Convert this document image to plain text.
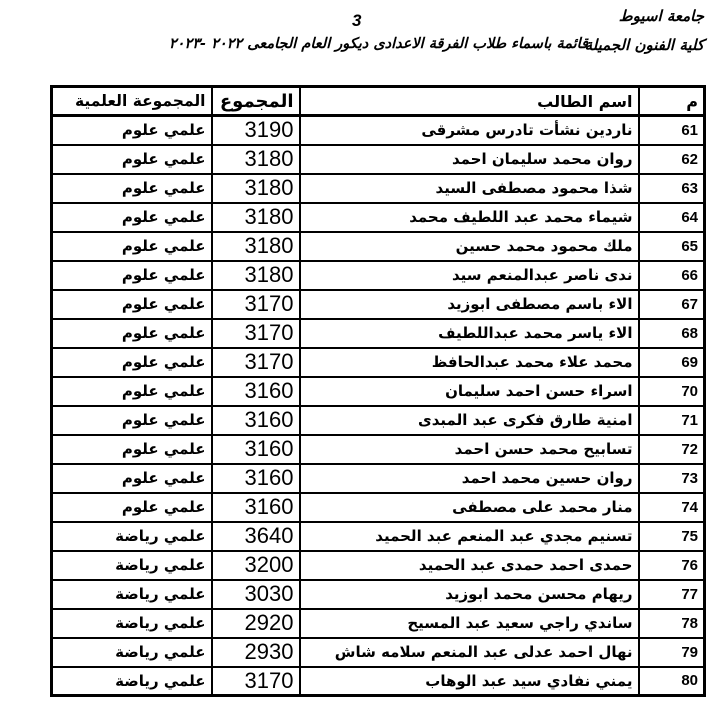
جامعة اسيوط
3
كلية الفنون الجميلة
قائمة باسماء طلاب الفرقة الاعدادى ديكور العام الجامعى ٢٠٢٢ -٢٠٢٣
م	اسم الطالب	المجموع	المجموعة العلمية
61	ناردين نشأت تادرس مشرقى	3190	علمي علوم
62	روان محمد سليمان احمد	3180	علمي علوم
63	شذا محمود مصطفى السيد	3180	علمي علوم
64	شيماء محمد عبد اللطيف محمد	3180	علمي علوم
65	ملك محمود محمد حسين	3180	علمي علوم
66	ندى ناصر عبدالمنعم سيد	3180	علمي علوم
67	الاء باسم مصطفى ابوزيد	3170	علمي علوم
68	الاء ياسر محمد عبداللطيف	3170	علمي علوم
69	محمد علاء محمد عبدالحافظ	3170	علمي علوم
70	اسراء حسن احمد سليمان	3160	علمي علوم
71	امنية طارق فكرى عبد المبدى	3160	علمي علوم
72	تسابيح محمد حسن احمد	3160	علمي علوم
73	روان حسين محمد احمد	3160	علمي علوم
74	منار محمد على مصطفى	3160	علمي علوم
75	تسنيم مجدي عبد المنعم عبد الحميد	3640	علمي رياضة
76	حمدى احمد حمدى عبد الحميد	3200	علمي رياضة
77	ريهام محسن محمد ابوزيد	3030	علمي رياضة
78	ساندي راجي سعيد عبد المسيح	2920	علمي رياضة
79	نهال احمد عدلى عبد المنعم سلامه شاش	2930	علمي رياضة
80	يمني نفادي سيد عبد الوهاب	3170	علمي رياضة
